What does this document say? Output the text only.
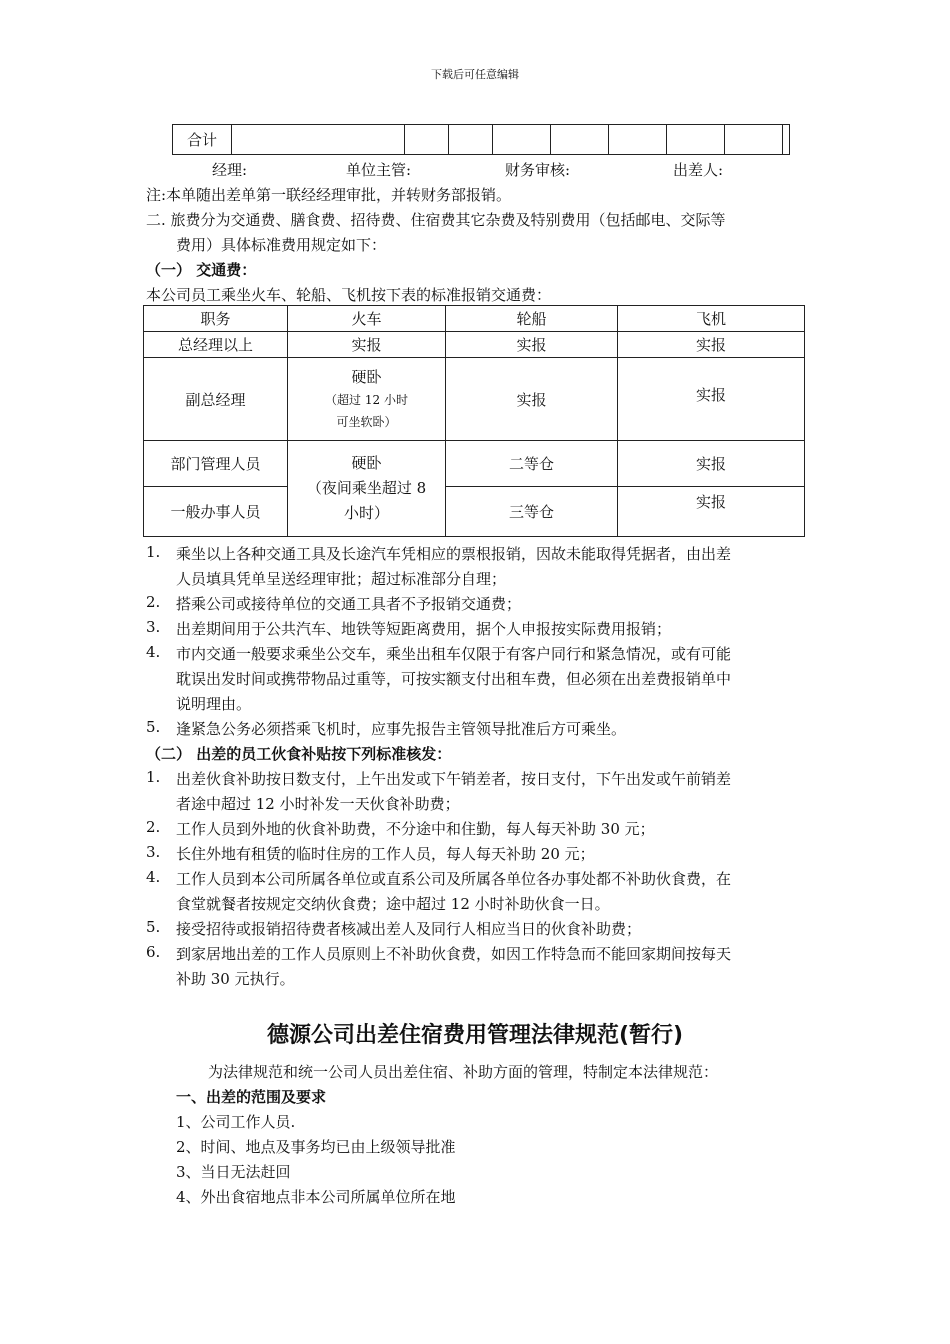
下载后可任意编辑
合计									
经理:	单位主管:	财务审核:	出差人:
注:本单随出差单第一联经经理审批，并转财务部报销。
二. 旅费分为交通费、膳食费、招待费、住宿费其它杂费及特别费用（包括邮电、交际等
费用）具体标准费用规定如下：
（一） 交通费：
本公司员工乘坐火车、轮船、飞机按下表的标准报销交通费：
职务	火车	轮船	飞机
总经理以上	实报	实报	实报
副总经理	硬卧
（超过 12 小时
可坐软卧）	实报	实报
部门管理人员	硬卧
（夜间乘坐超过 8
小时）	二等仓	实报
一般办事人员		三等仓	实报
1. 乘坐以上各种交通工具及长途汽车凭相应的票根报销，因故未能取得凭据者，由出差
人员填具凭单呈送经理审批；超过标准部分自理；
2. 搭乘公司或接待单位的交通工具者不予报销交通费；
3. 出差期间用于公共汽车、地铁等短距离费用，据个人申报按实际费用报销；
4. 市内交通一般要求乘坐公交车，乘坐出租车仅限于有客户同行和紧急情况，或有可能
耽误出发时间或携带物品过重等，可按实额支付出租车费，但必须在出差费报销单中
说明理由。
5. 逢紧急公务必须搭乘飞机时，应事先报告主管领导批准后方可乘坐。
（二） 出差的员工伙食补贴按下列标准核发：
1. 出差伙食补助按日数支付，上午出发或下午销差者，按日支付，下午出发或午前销差
者途中超过 12 小时补发一天伙食补助费；
2. 工作人员到外地的伙食补助费，不分途中和住勤，每人每天补助 30 元；
3. 长住外地有租赁的临时住房的工作人员，每人每天补助 20 元；
4. 工作人员到本公司所属各单位或直系公司及所属各单位各办事处都不补助伙食费，在
食堂就餐者按规定交纳伙食费；途中超过 12 小时补助伙食一日。
5. 接受招待或报销招待费者核减出差人及同行人相应当日的伙食补助费；
6. 到家居地出差的工作人员原则上不补助伙食费，如因工作特急而不能回家期间按每天
补助 30 元执行。
德源公司出差住宿费用管理法律规范(暂行)
为法律规范和统一公司人员出差住宿、补助方面的管理，特制定本法律规范：
一、出差的范围及要求
1、公司工作人员.
2、时间、地点及事务均已由上级领导批准
3、当日无法赶回
4、外出食宿地点非本公司所属单位所在地
